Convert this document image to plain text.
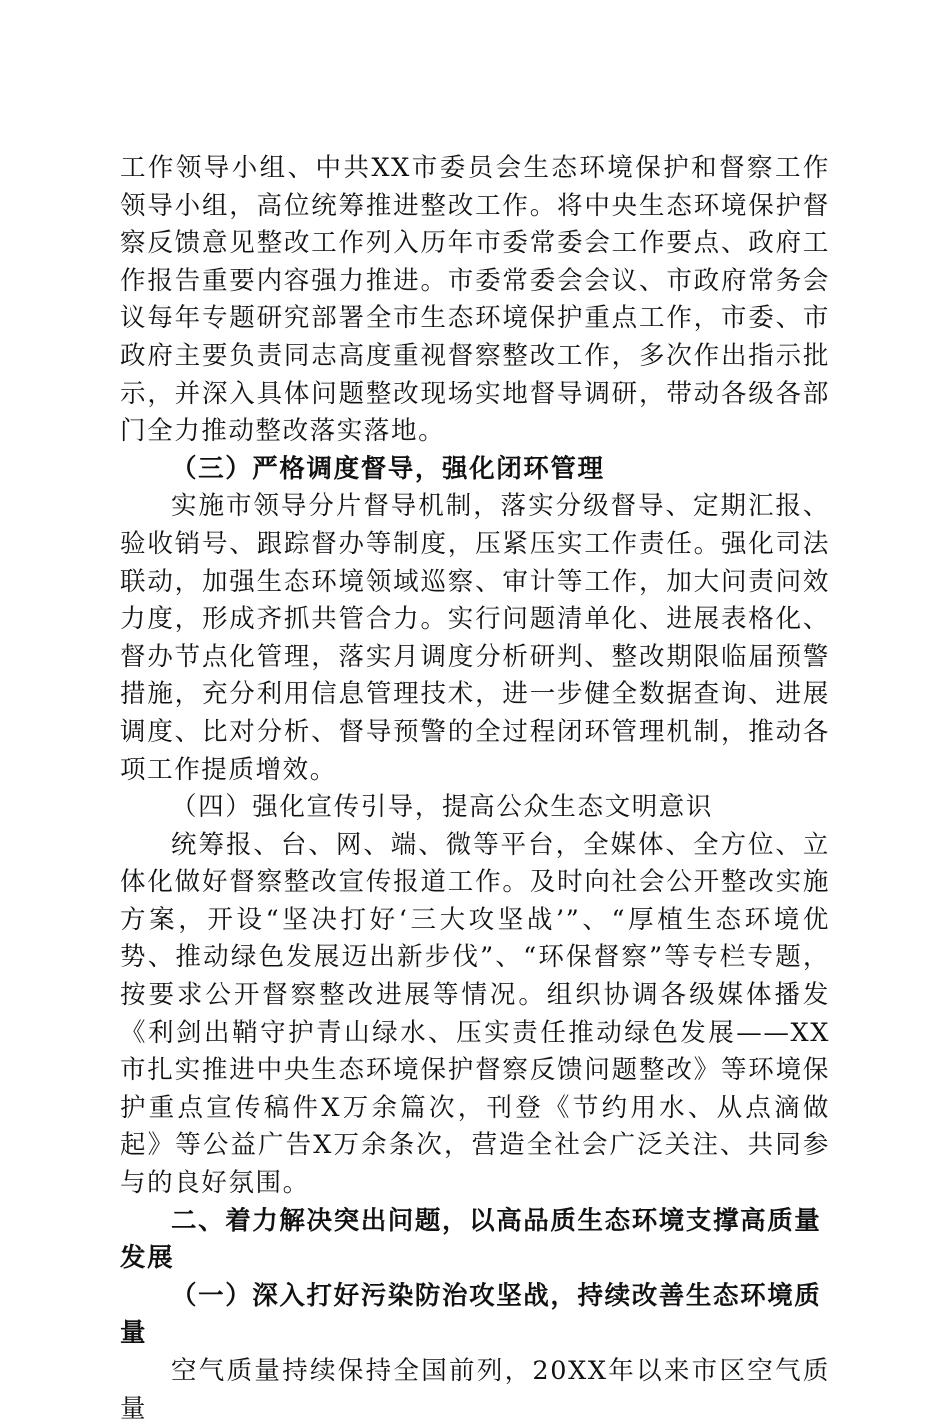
工作领导小组、中共XX市委员会生态环境保护和督察工作领导小组，高位统筹推进整改工作。将中央生态环境保护督察反馈意见整改工作列入历年市委常委会工作要点、政府工作报告重要内容强力推进。市委常委会会议、市政府常务会议每年专题研究部署全市生态环境保护重点工作，市委、市政府主要负责同志高度重视督察整改工作，多次作出指示批示，并深入具体问题整改现场实地督导调研，带动各级各部门全力推动整改落实落地。

（三）严格调度督导，强化闭环管理

实施市领导分片督导机制，落实分级督导、定期汇报、验收销号、跟踪督办等制度，压紧压实工作责任。强化司法联动，加强生态环境领域巡察、审计等工作，加大问责问效力度，形成齐抓共管合力。实行问题清单化、进展表格化、督办节点化管理，落实月调度分析研判、整改期限临届预警措施，充分利用信息管理技术，进一步健全数据查询、进展调度、比对分析、督导预警的全过程闭环管理机制，推动各项工作提质增效。

（四）强化宣传引导，提高公众生态文明意识

统筹报、台、网、端、微等平台，全媒体、全方位、立体化做好督察整改宣传报道工作。及时向社会公开整改实施方案，开设“坚决打好‘三大攻坚战’”、“厚植生态环境优势、推动绿色发展迈出新步伐”、“环保督察”等专栏专题，按要求公开督察整改进展等情况。组织协调各级媒体播发《利剑出鞘守护青山绿水、压实责任推动绿色发展——XX市扎实推进中央生态环境保护督察反馈问题整改》等环境保护重点宣传稿件X万余篇次，刊登《节约用水、从点滴做起》等公益广告X万余条次，营造全社会广泛关注、共同参与的良好氛围。

二、着力解决突出问题，以高品质生态环境支撑高质量发展

（一）深入打好污染防治攻坚战，持续改善生态环境质量

空气质量持续保持全国前列，20XX年以来市区空气质量
